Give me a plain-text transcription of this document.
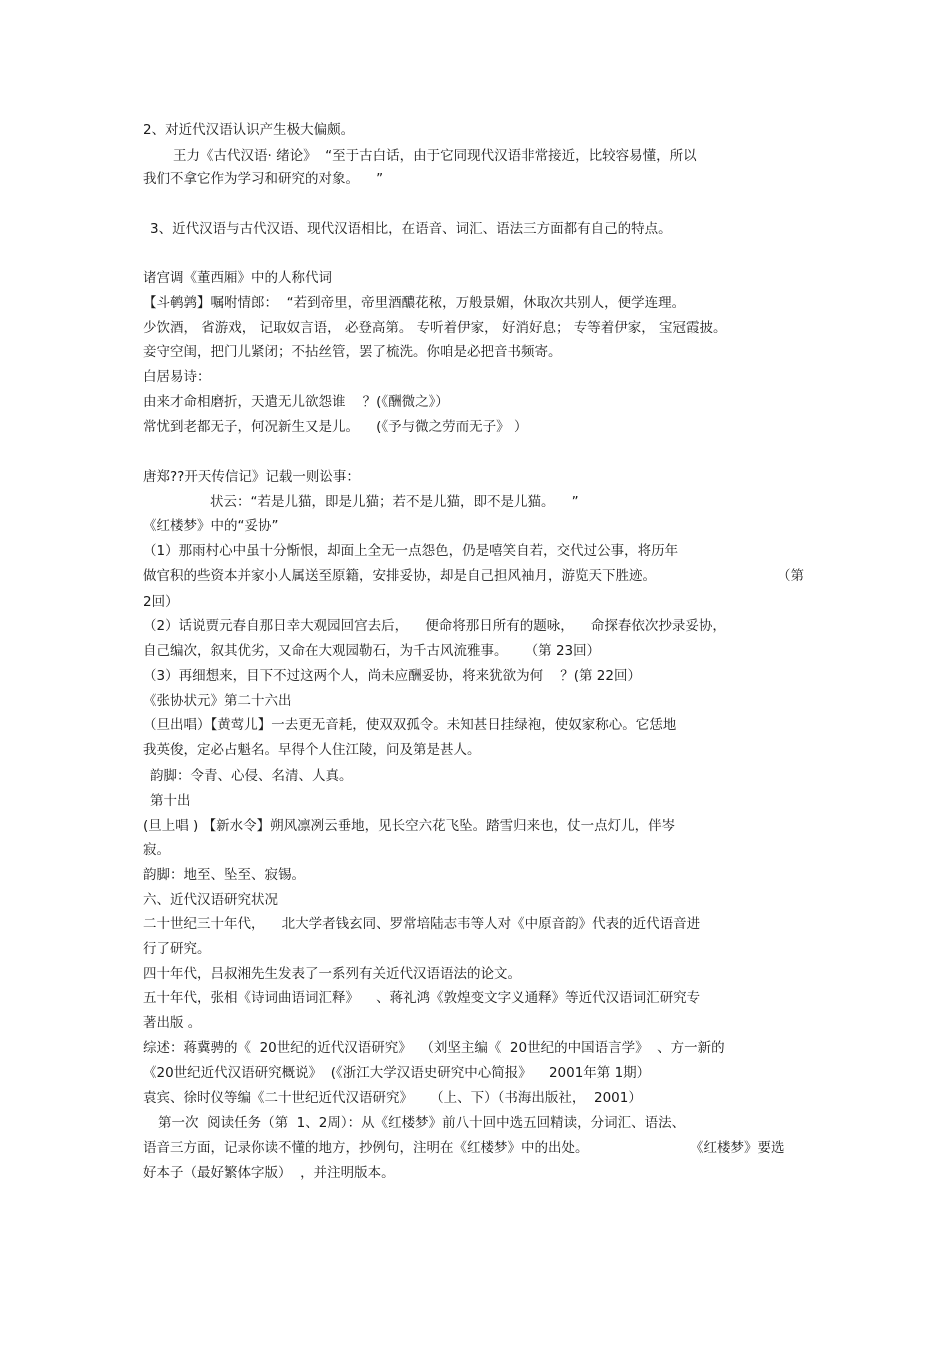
2、对近代汉语认识产生极大偏颇。

王力《古代汉语· 绪论》  “至于古白话，由于它同现代汉语非常接近，比较容易懂，所以

我们不拿它作为学习和研究的对象。    ”

3、近代汉语与古代汉语、现代汉语相比，在语音、词汇、语法三方面都有自己的特点。

诸宫调《董西厢》中的人称代词

【斗鹌鹑】嘱咐情郎：  “若到帝里，帝里酒醲花秾，万般景媚，休取次共别人，便学连理。

少饮酒， 省游戏， 记取奴言语， 必登高第。 专听着伊家， 好消好息； 专等着伊家， 宝冠霞披。

妾守空闺，把门儿紧闭；不拈丝管，罢了梳洗。你咱是必把音书频寄。

白居易诗：

由来才命相磨折，天遣无儿欲怨谁    ？(《酬微之》）

常忧到老都无子，何况新生又是儿。    (《予与微之劳而无子》 ）

唐郑??开天传信记》记载一则讼事：

状云：“若是儿猫，即是儿猫；若不是儿猫，即不是儿猫。    ”

《红楼梦》中的“妥协”

（1）那雨村心中虽十分惭恨，却面上全无一点怨色，仍是嘻笑自若，交代过公事，将历年

做官积的些资本并家小人属送至原籍，安排妥协，却是自己担风袖月，游览天下胜迹。	（第

2回）

（2）话说贾元春自那日幸大观园回宫去后，    便命将那日所有的题咏，    命探春依次抄录妥协，

自己编次，叙其优劣，又命在大观园勒石，为千古风流雅事。    （第 23回）

（3）再细想来，目下不过这两个人，尚未应酬妥协，将来犹欲为何    ？(第 22回）

《张协状元》第二十六出

（旦出唱）【黄莺儿】一去更无音耗，使双双孤令。未知甚日挂绿袍，使奴家称心。它恁地

我英俊，定必占魁名。早得个人住江陵，问及第是甚人。

韵脚：令青、心侵、名清、人真。

第十出

(旦上唱 ) 【新水令】朔风凛冽云垂地，见长空六花飞坠。踏雪归来也，仗一点灯儿，伴岑

寂。

韵脚：地至、坠至、寂锡。

六、近代汉语研究状况

二十世纪三十年代，    北大学者钱玄同、罗常培陆志韦等人对《中原音韵》代表的近代语音进

行了研究。

四十年代，吕叔湘先生发表了一系列有关近代汉语语法的论文。

五十年代，张相《诗词曲语词汇释》    、蒋礼鸿《敦煌变文字义通释》等近代汉语词汇研究专

著出版 。

综述：蒋冀骋的《  20世纪的近代汉语研究》  （刘坚主编《  20世纪的中国语言学》  、方一新的

《20世纪近代汉语研究概说》  (《浙江大学汉语史研究中心简报》    2001年第 1期）

袁宾、徐时仪等编《二十世纪近代汉语研究》    （上、下）（书海出版社，  2001）

第一次  阅读任务（第  1、2周）：从《红楼梦》前八十回中选五回精读，分词汇、语法、

语音三方面，记录你读不懂的地方，抄例句，注明在《红楼梦》中的出处。	《红楼梦》要选

好本子（最好繁体字版）  ，并注明版本。
